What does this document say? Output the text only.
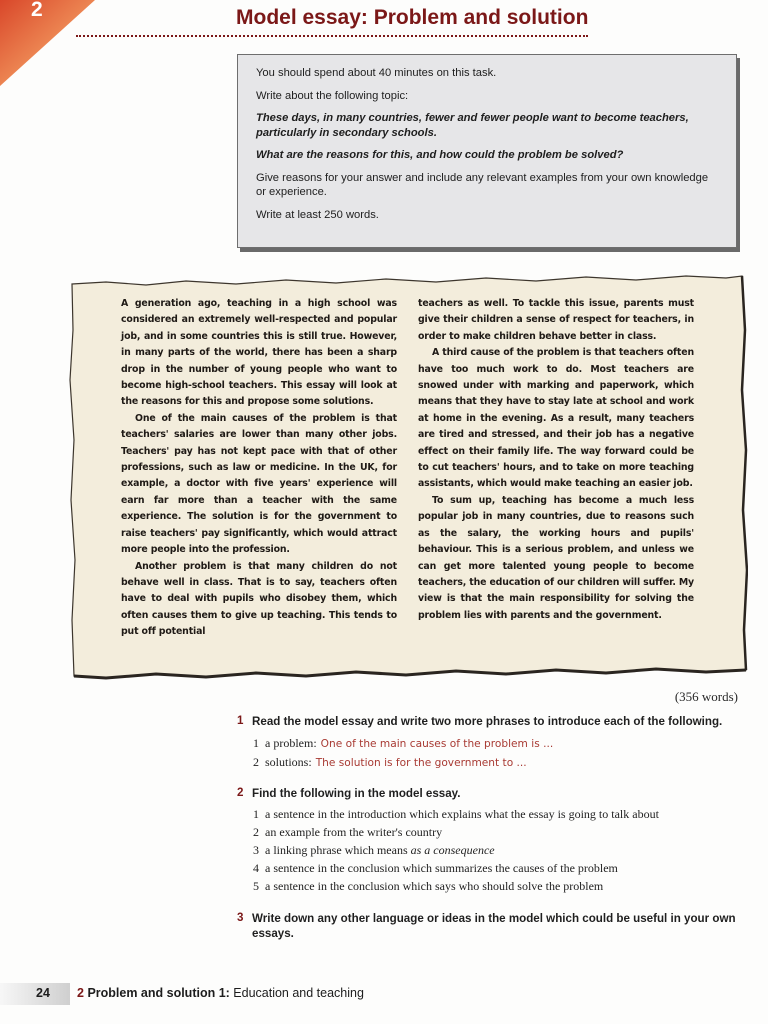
2	Model essay: Problem and solution

You should spend about 40 minutes on this task.

Write about the following topic:

These days, in many countries, fewer and fewer people want to become teachers, particularly in secondary schools.

What are the reasons for this, and how could the problem be solved?

Give reasons for your answer and include any relevant examples from your own knowledge or experience.

Write at least 250 words.

A generation ago, teaching in a high school was considered an extremely well-respected and popular job, and in some countries this is still true. However, in many parts of the world, there has been a sharp drop in the number of young people who want to become high-school teachers. This essay will look at the reasons for this and propose some solutions.

One of the main causes of the problem is that teachers' salaries are lower than many other jobs. Teachers' pay has not kept pace with that of other professions, such as law or medicine. In the UK, for example, a doctor with five years' experience will earn far more than a teacher with the same experience. The solution is for the government to raise teachers' pay significantly, which would attract more people into the profession.

Another problem is that many children do not behave well in class. That is to say, teachers often have to deal with pupils who disobey them, which often causes them to give up teaching. This tends to put off potential

teachers as well. To tackle this issue, parents must give their children a sense of respect for teachers, in order to make children behave better in class.

A third cause of the problem is that teachers often have too much work to do. Most teachers are snowed under with marking and paperwork, which means that they have to stay late at school and work at home in the evening. As a result, many teachers are tired and stressed, and their job has a negative effect on their family life. The way forward could be to cut teachers' hours, and to take on more teaching assistants, which would make teaching an easier job.

To sum up, teaching has become a much less popular job in many countries, due to reasons such as the salary, the working hours and pupils' behaviour. This is a serious problem, and unless we can get more talented young people to become teachers, the education of our children will suffer. My view is that the main responsibility for solving the problem lies with parents and the government.

(356 words)
1 Read the model essay and write two more phrases to introduce each of the following.
1 a problem: One of the main causes of the problem is ...
2 solutions: The solution is for the government to ...
2 Find the following in the model essay.
1 a sentence in the introduction which explains what the essay is going to talk about
2 an example from the writer's country
3 a linking phrase which means as a consequence
4 a sentence in the conclusion which summarizes the causes of the problem
5 a sentence in the conclusion which says who should solve the problem
3 Write down any other language or ideas in the model which could be useful in your own essays.
24 2 Problem and solution 1: Education and teaching
